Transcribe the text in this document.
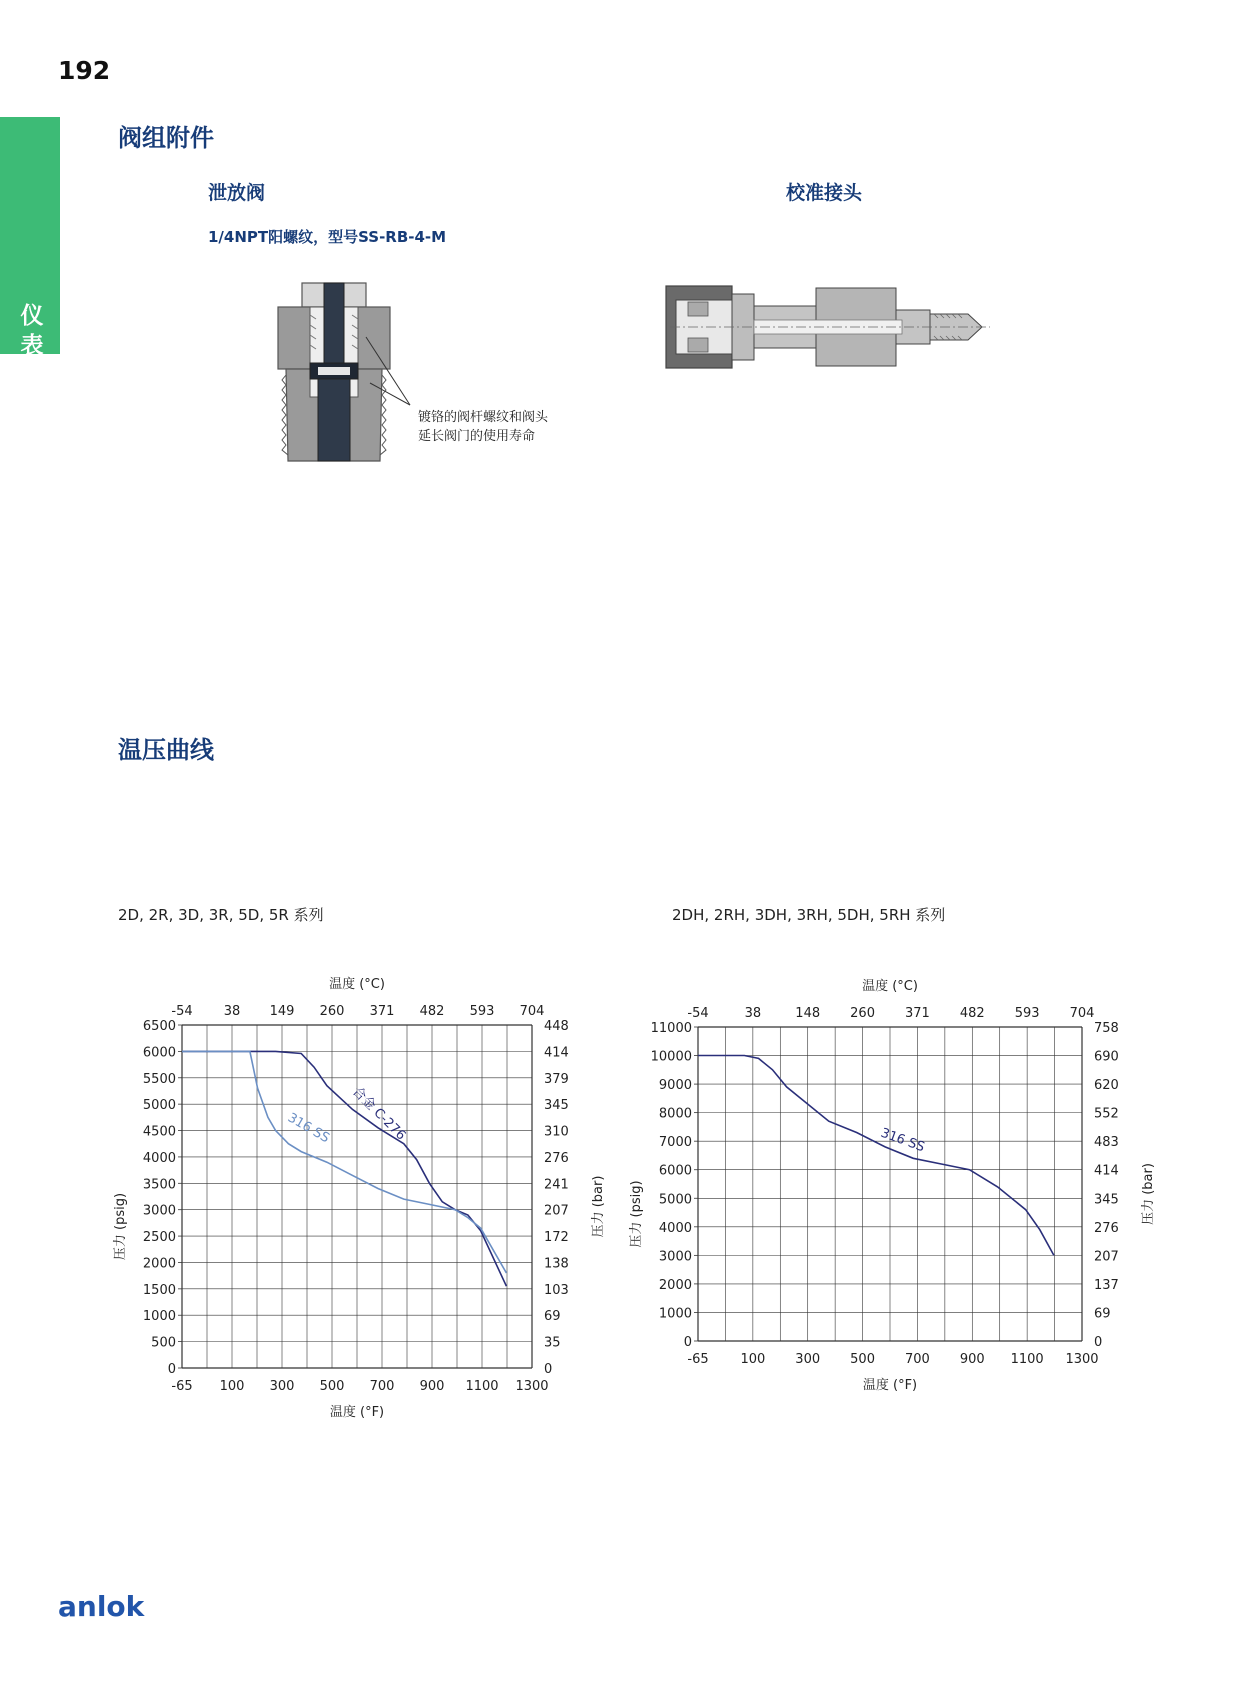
192
仪
表
阀
组
阀组附件
泄放阀
1/4NPT阳螺纹，型号SS-RB-4-M
校准接头
镀铬的阀杆螺纹和阀头
延长阀门的使用寿命
温压曲线
2D, 2R, 3D, 3R, 5D, 5R 系列	2DH, 2RH, 3DH, 3RH, 5DH, 5RH 系列
0
500
1000
1500
2000
2500
3000
3500
4000
4500
5000
5500
6000
6500
0
35
69
103
138
172
207
241
276
310
345
379
414
448
-65 100 300 500 700 900 1100 1300
-54 38 149 260 371 482 593 704
温度 (°C)
温度 (°F)
压力 (psig)	压力 (bar)
0
1000
2000
3000
4000
5000
6000
7000
8000
9000
10000
11000
0
69
137
207
276
345
414
483
552
620
690
758
-65 100 300 500 700 900 1100 1300
-54	38	148 260 371 482 593 704
温度 (°C)
温度 (°F)
压力 (psig)	压力 (bar)
合金 C-276
316 SS	316 SS
anlok
